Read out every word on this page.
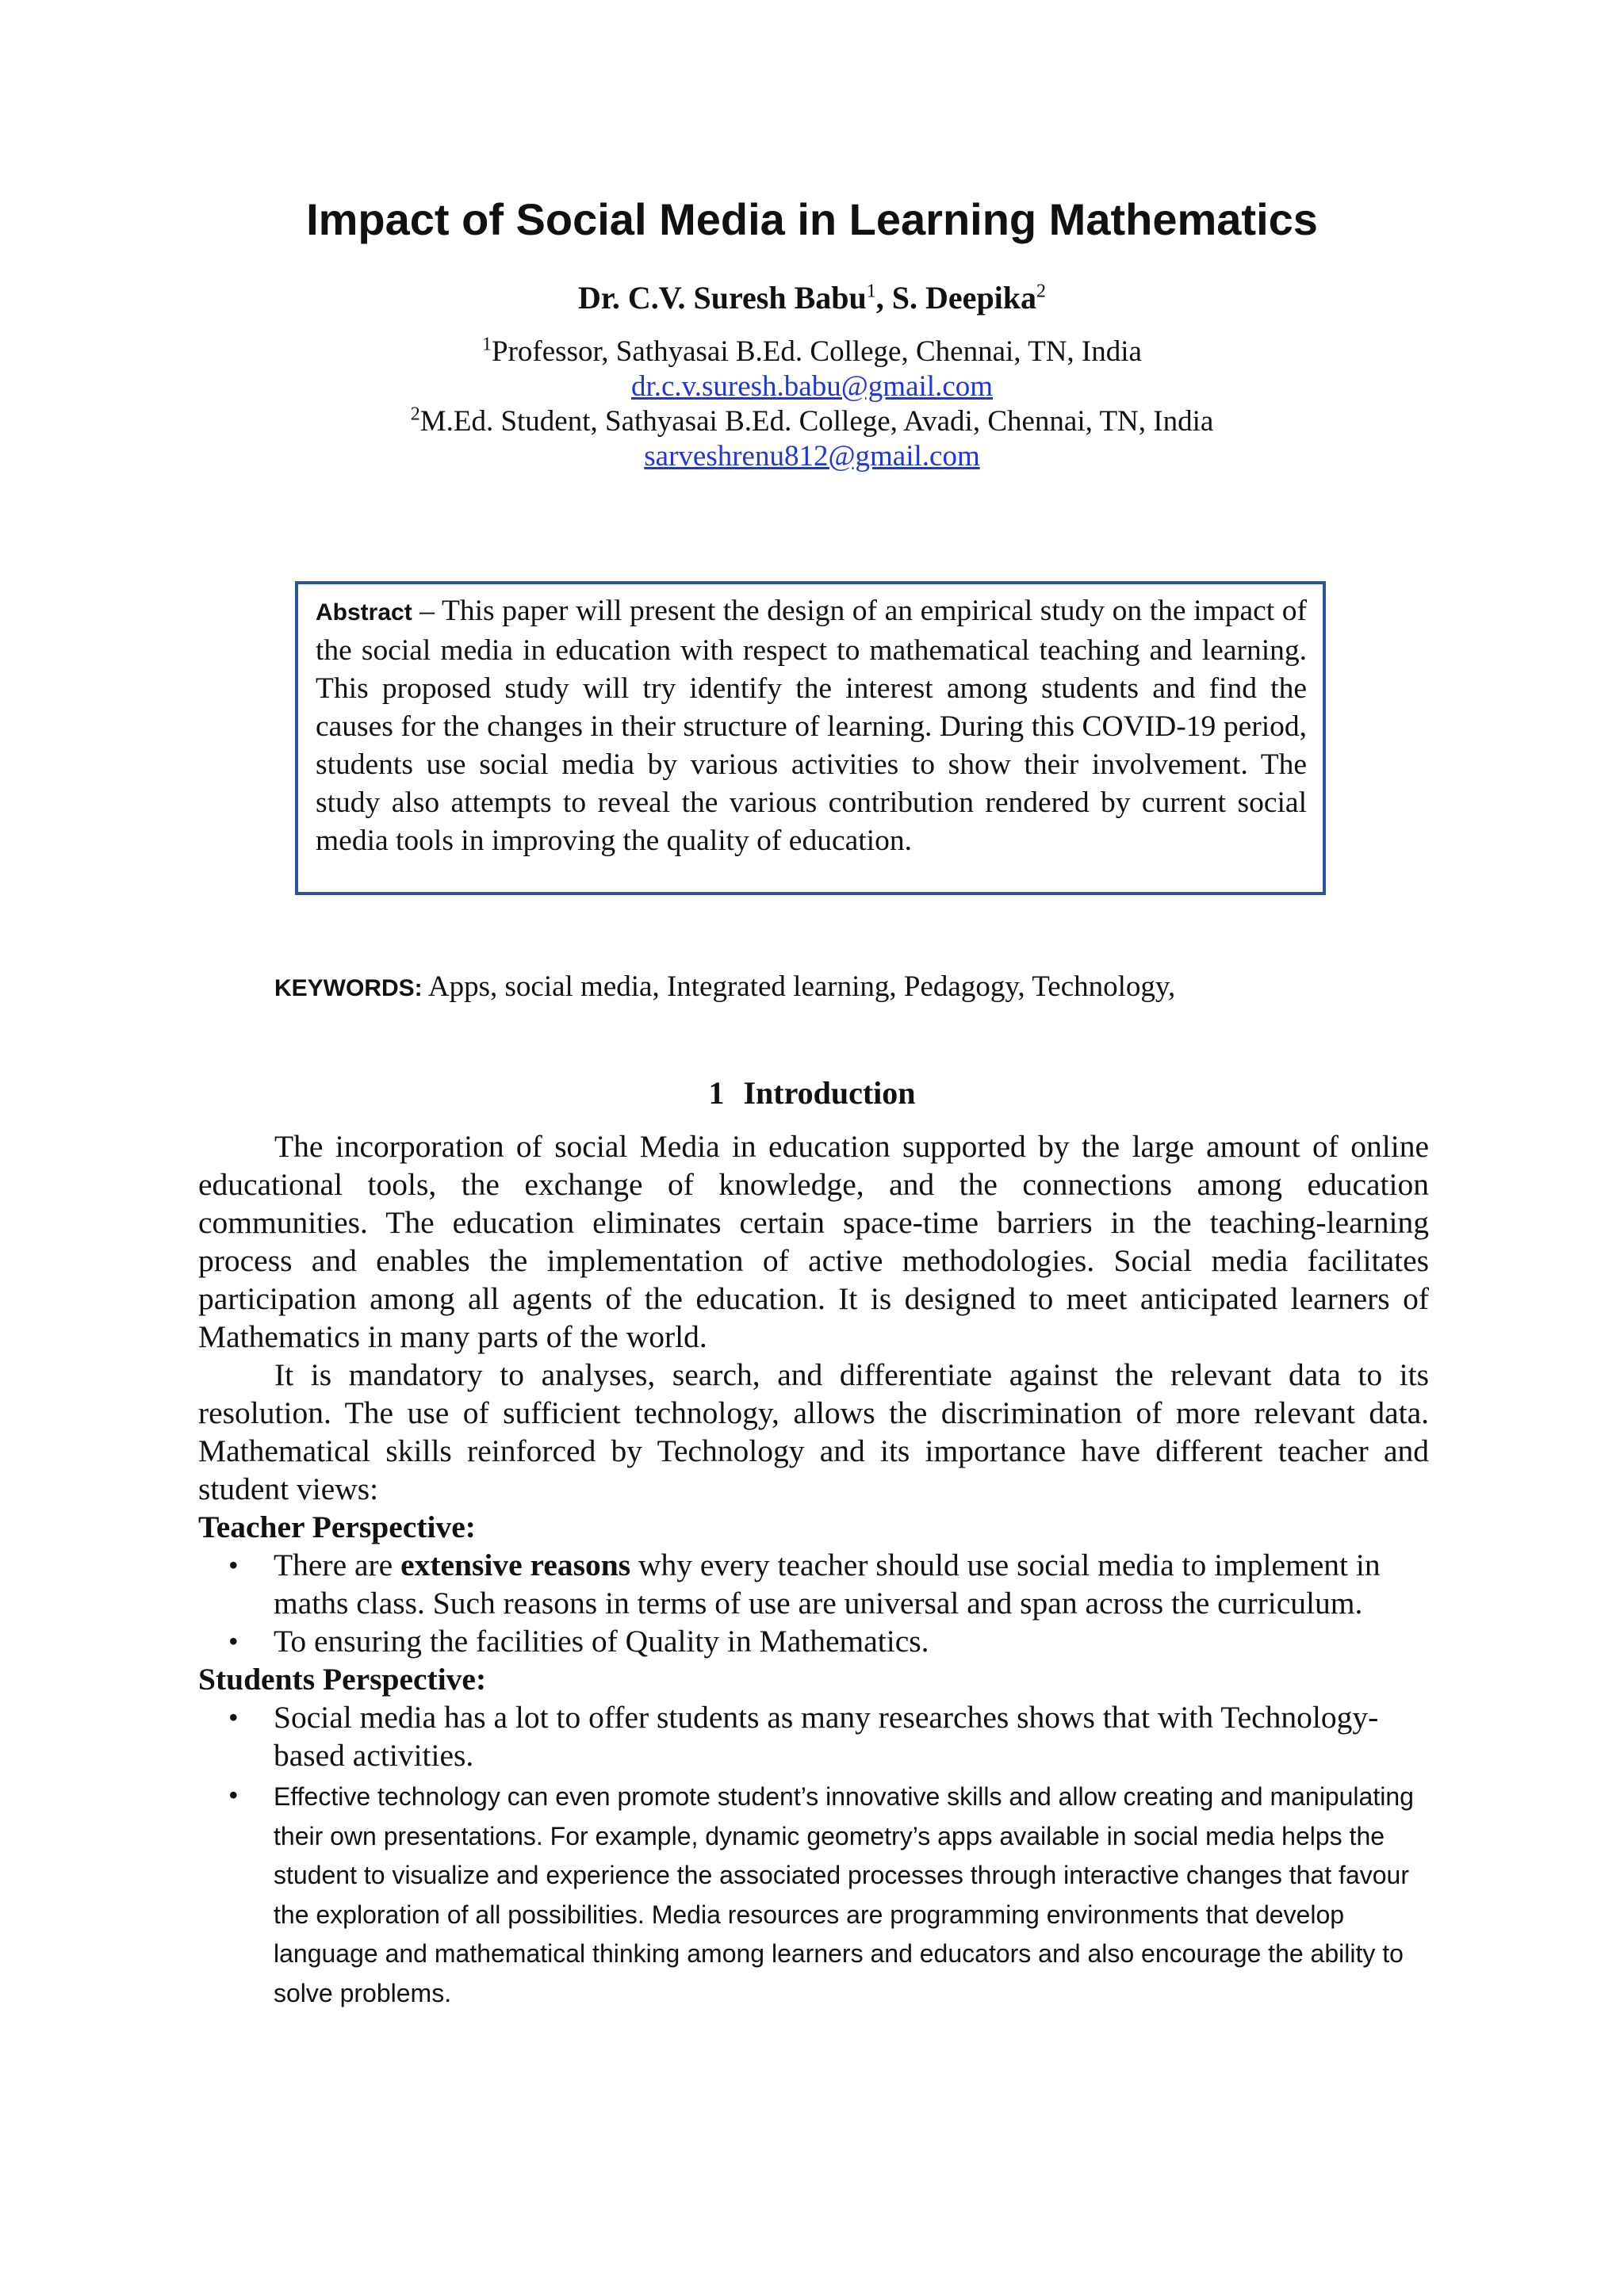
Impact of Social Media in Learning Mathematics
Dr. C.V. Suresh Babu$^1$, S. Deepika$^2$
$^1$Professor, Sathyasai B.Ed. College, Chennai, TN, India
dr.c.v.suresh.babu@gmail.com
$^2$M.Ed. Student, Sathyasai B.Ed. College, Avadi, Chennai, TN, India
sarveshrenu812@gmail.com
Abstract – This paper will present the design of an empirical study on the impact of the social media in education with respect to mathematical teaching and learning. This proposed study will try identify the interest among students and find the causes for the changes in their structure of learning. During this COVID-19 period, students use social media by various activities to show their involvement. The study also attempts to reveal the various contribution rendered by current social media tools in improving the quality of education.
KEYWORDS: Apps, social media, Integrated learning, Pedagogy, Technology,
1 Introduction

The incorporation of social Media in education supported by the large amount of online educational tools, the exchange of knowledge, and the connections among education communities. The education eliminates certain space-time barriers in the teaching-learning process and enables the implementation of active methodologies. Social media facilitates participation among all agents of the education. It is designed to meet anticipated learners of Mathematics in many parts of the world.

It is mandatory to analyses, search, and differentiate against the relevant data to its resolution. The use of sufficient technology, allows the discrimination of more relevant data. Mathematical skills reinforced by Technology and its importance have different teacher and student views:

Teacher Perspective:

• There are extensive reasons why every teacher should use social media to implement in maths class. Such reasons in terms of use are universal and span across the curriculum.
• To ensuring the facilities of Quality in Mathematics.

Students Perspective:

• Social media has a lot to offer students as many researches shows that with Technology-based activities.
• Effective technology can even promote student’s innovative skills and allow creating and manipulating their own presentations. For example, dynamic geometry’s apps available in social media helps the student to visualize and experience the associated processes through interactive changes that favour the exploration of all possibilities. Media resources are programming environments that develop language and mathematical thinking among learners and educators and also encourage the ability to solve problems.
